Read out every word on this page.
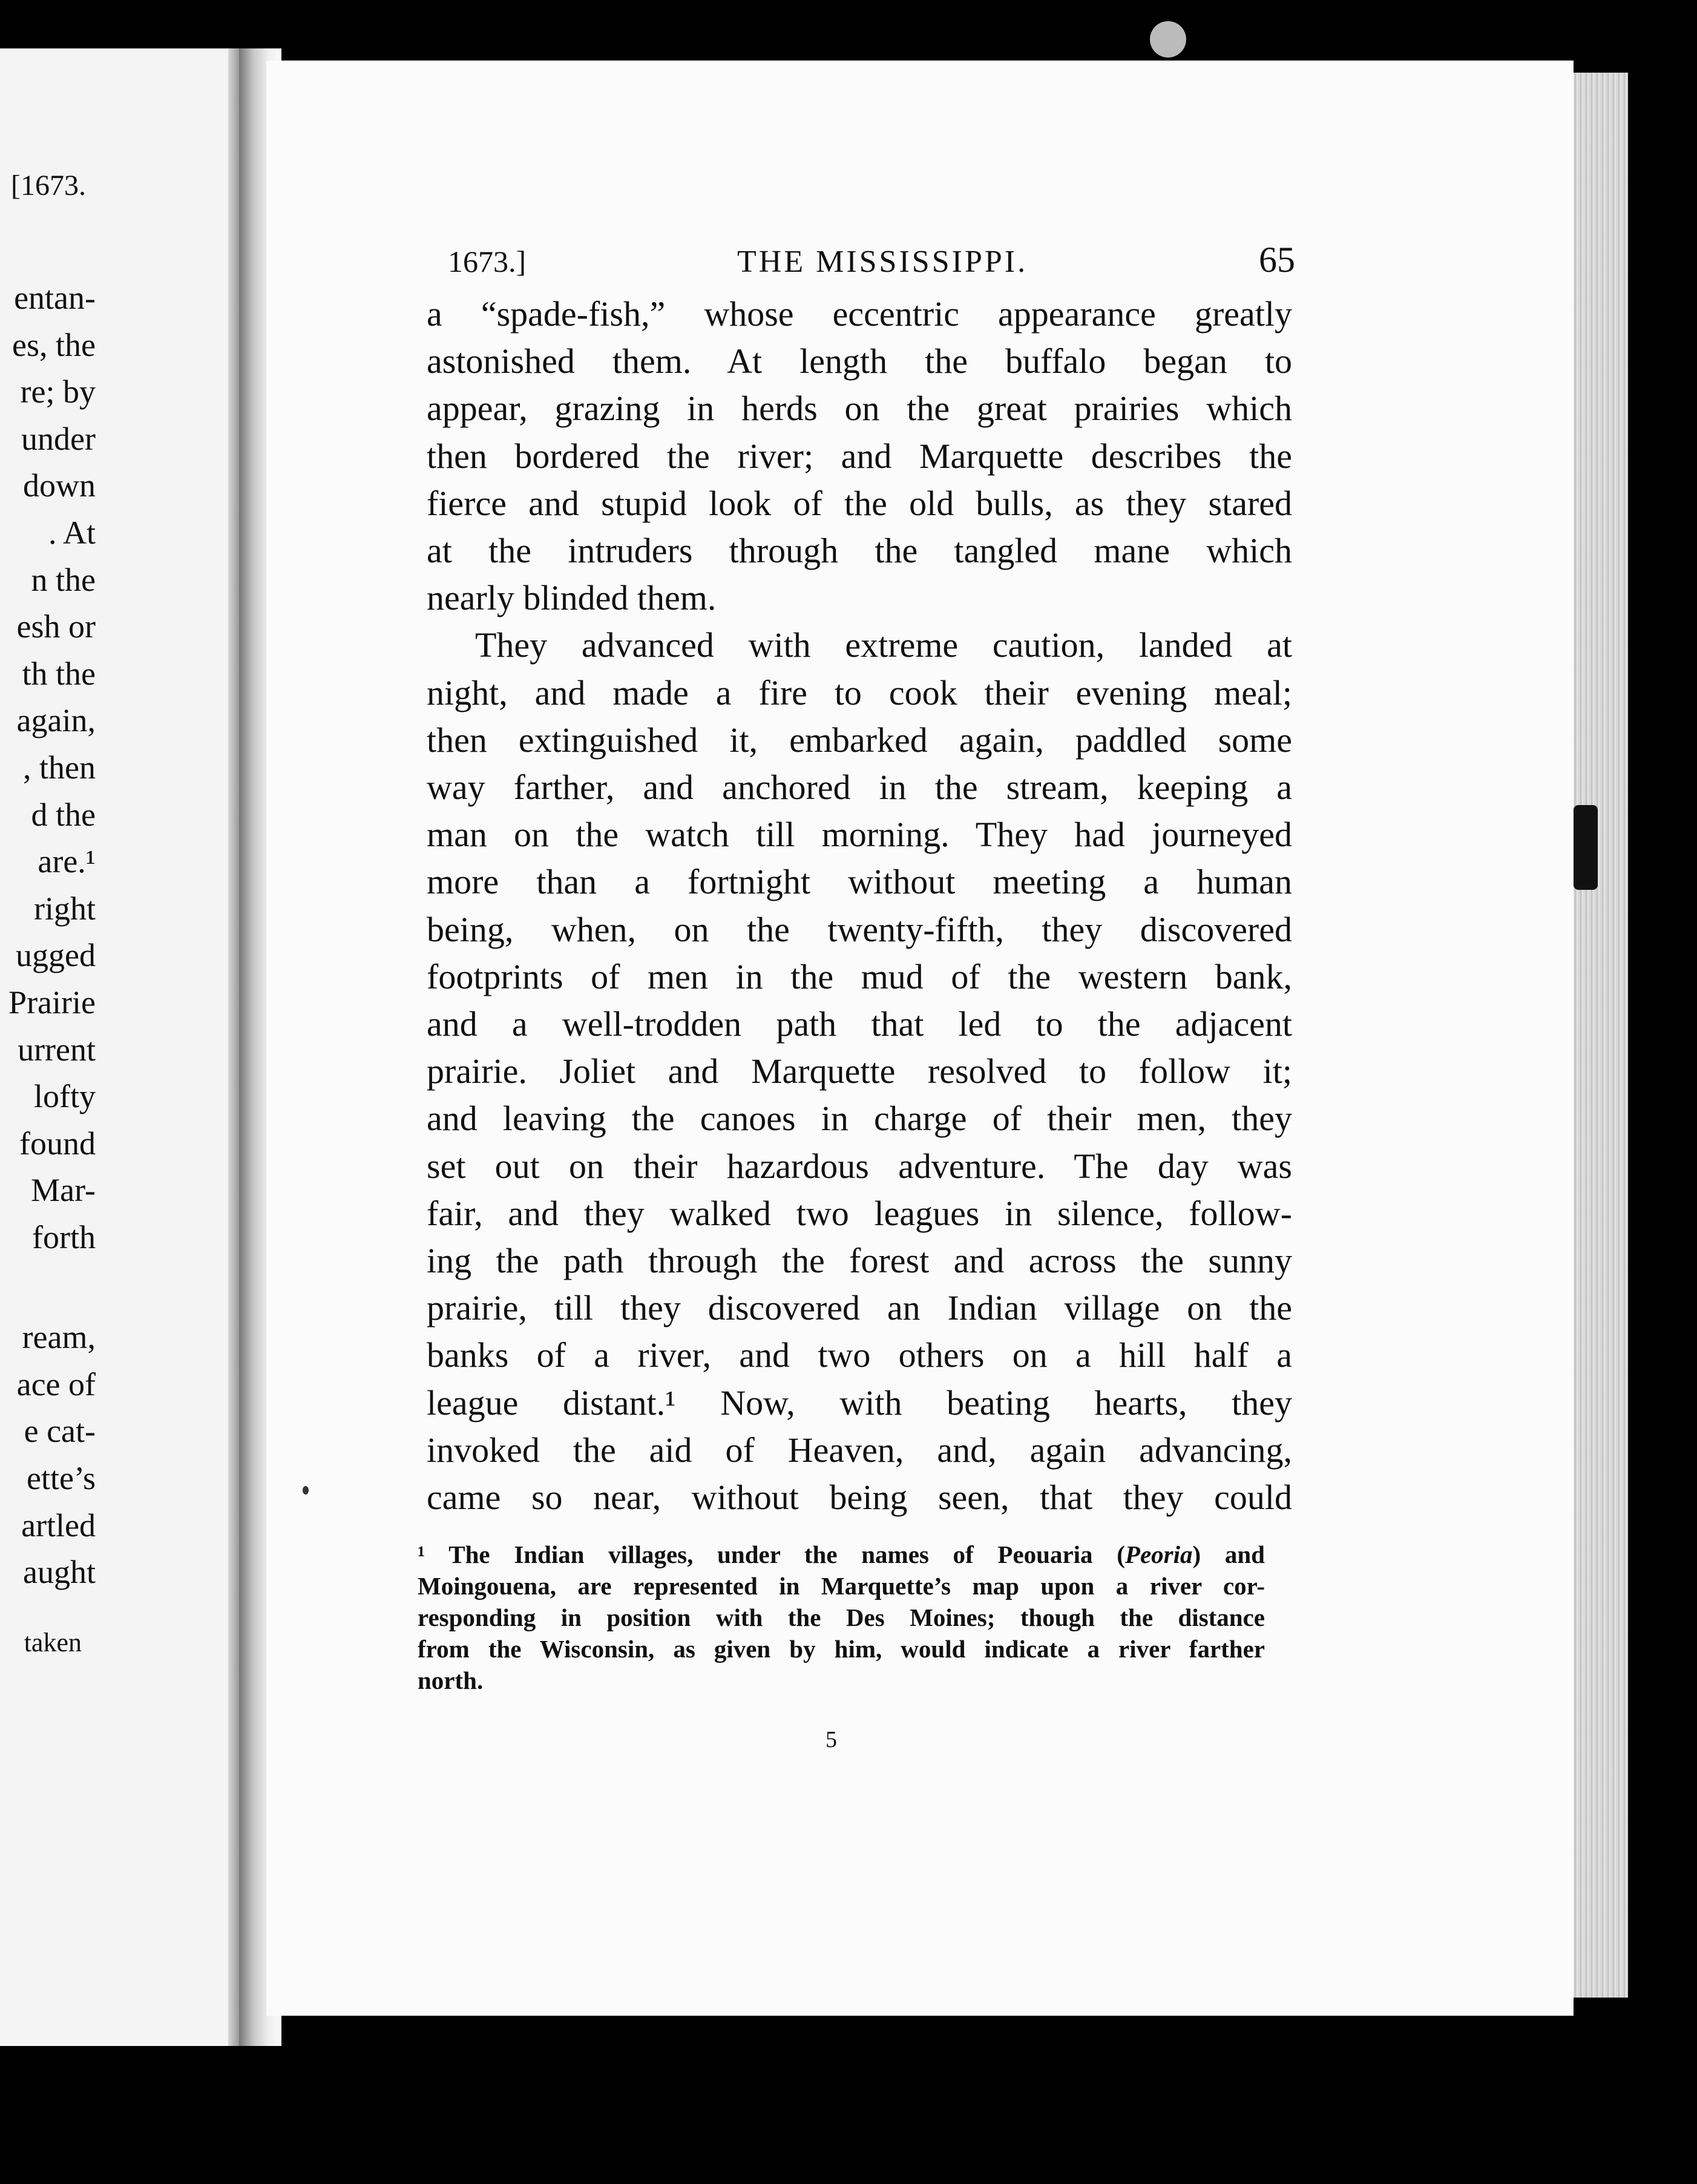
[1673.
entan-
es, the
re; by
under
down
. At
n the
esh or
th the
again,
, then
d the
are.¹
right
ugged
Prairie
urrent
lofty
found
Mar-
forth
ream,
ace of
e cat-
ette’s
artled
aught
taken
1673.]	THE MISSISSIPPI.	65
a “spade-fish,” whose eccentric appearance greatly
astonished them. At length the buffalo began to
appear, grazing in herds on the great prairies which
then bordered the river; and Marquette describes the
fierce and stupid look of the old bulls, as they stared
at the intruders through the tangled mane which
nearly blinded them.
They advanced with extreme caution, landed at
night, and made a fire to cook their evening meal;
then extinguished it, embarked again, paddled some
way farther, and anchored in the stream, keeping a
man on the watch till morning. They had journeyed
more than a fortnight without meeting a human
being, when, on the twenty-fifth, they discovered
footprints of men in the mud of the western bank,
and a well-trodden path that led to the adjacent
prairie. Joliet and Marquette resolved to follow it;
and leaving the canoes in charge of their men, they
set out on their hazardous adventure. The day was
fair, and they walked two leagues in silence, follow-
ing the path through the forest and across the sunny
prairie, till they discovered an Indian village on the
banks of a river, and two others on a hill half a
league distant.¹ Now, with beating hearts, they
invoked the aid of Heaven, and, again advancing,
came so near, without being seen, that they could
¹ The Indian villages, under the names of Peouaria (Peoria) and
Moingouena, are represented in Marquette’s map upon a river cor-
responding in position with the Des Moines; though the distance
from the Wisconsin, as given by him, would indicate a river farther
north.
5
